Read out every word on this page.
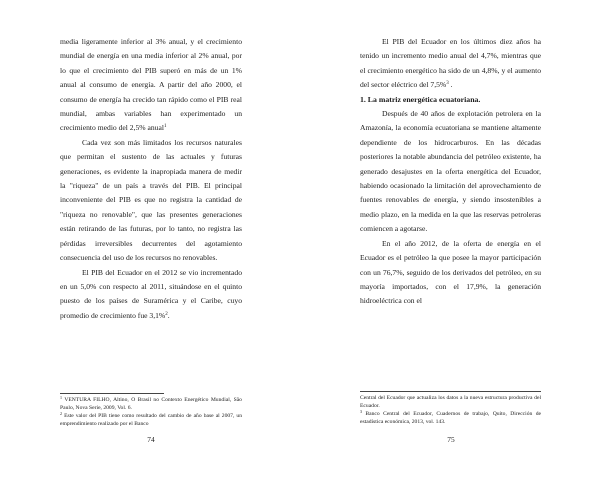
media ligeramente inferior al 3% anual, y el crecimiento mundial de energía en una media inferior al 2% anual, por lo que el crecimiento del PIB superó en más de un 1% anual al consumo de energía. A partir del año 2000, el consumo de energía ha crecido tan rápido como el PIB real mundial, ambas variables han experimentado un crecimiento medio del 2,5% anual$^1$

Cada vez son más limitados los recursos naturales que permitan el sustento de las actuales y futuras generaciones, es evidente la inapropiada manera de medir la "riqueza" de un país a través del PIB. El principal inconveniente del PIB es que no registra la cantidad de "riqueza no renovable", que las presentes generaciones están retirando de las futuras, por lo tanto, no registra las pérdidas irreversibles decurrentes del agotamiento consecuencia del uso de los recursos no renovables.

El PIB del Ecuador en el 2012 se vio incrementado en un 5,0% con respecto al 2011, situándose en el quinto puesto de los países de Suramérica y el Caribe, cuyo promedio de crecimiento fue 3,1%$^2$.

$^1$ VENTURA FILHO, Altino, O Brasil no Contexto Energético Mundial, São Paulo, Nova Serie, 2009, Vol. 6.

$^2$ Este valor del PIB tiene como resultado del cambio de año base al 2007, un emprendimiento realizado por el Banco

74

El PIB del Ecuador en los últimos diez años ha tenido un incremento medio anual del 4,7%, mientras que el crecimiento energético ha sido de un 4,8%, y el aumento del sector eléctrico del 7,5%$^3$ .

1. La matriz energética ecuatoriana.

Después de 40 años de explotación petrolera en la Amazonía, la economía ecuatoriana se mantiene altamente dependiente de los hidrocarburos. En las décadas posteriores la notable abundancia del petróleo existente, ha generado desajustes en la oferta energética del Ecuador, habiendo ocasionado la limitación del aprovechamiento de fuentes renovables de energía, y siendo insostenibles a medio plazo, en la medida en la que las reservas petroleras comiencen a agotarse.

En el año 2012, de la oferta de energía en el Ecuador es el petróleo la que posee la mayor participación con un 76,7%, seguido de los derivados del petróleo, en su mayoría importados, con el 17,9%, la generación hidroeléctrica con el

Central del Ecuador que actualiza los datos a la nueva estructura productiva del Ecuador.

$^3$ Banco Central del Ecuador, Cuadernos de trabajo, Quito, Dirección de estadística económica, 2013, vol. 143.

75
